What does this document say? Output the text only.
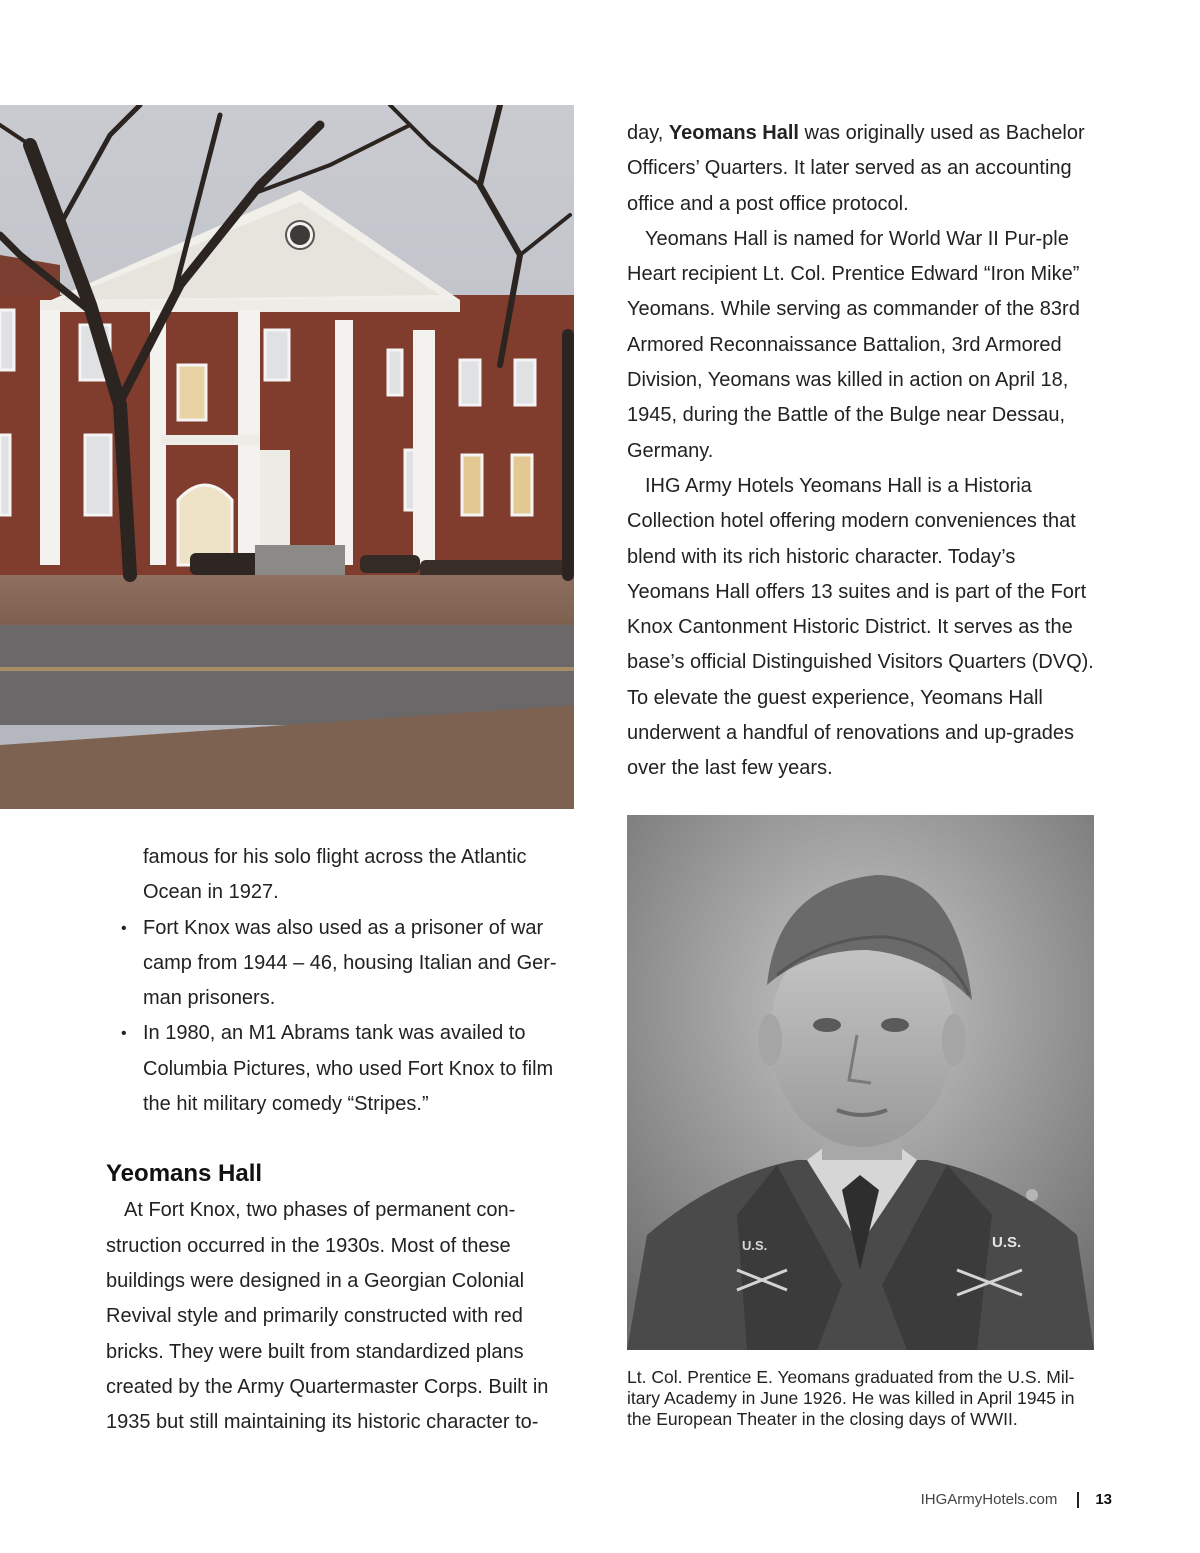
day, Yeomans Hall was originally used as Bachelor Officers’ Quarters. It later served as an accounting office and a post office protocol.

Yeomans Hall is named for World War II Pur-ple Heart recipient Lt. Col. Prentice Edward “Iron Mike” Yeomans. While serving as commander of the 83rd Armored Reconnaissance Battalion, 3rd Armored Division, Yeomans was killed in action on April 18, 1945, during the Battle of the Bulge near Dessau, Germany.

IHG Army Hotels Yeomans Hall is a Historia Collection hotel offering modern conveniences that blend with its rich historic character. Today’s Yeomans Hall offers 13 suites and is part of the Fort Knox Cantonment Historic District. It serves as the base’s official Distinguished Visitors Quarters (DVQ). To elevate the guest experience, Yeomans Hall underwent a handful of renovations and up-grades over the last few years.

famous for his solo flight across the Atlantic Ocean in 1927.
• Fort Knox was also used as a prisoner of war camp from 1944 – 46, housing Italian and Ger-man prisoners.
• In 1980, an M1 Abrams tank was availed to Columbia Pictures, who used Fort Knox to film the hit military comedy “Stripes.”
Yeomans Hall

At Fort Knox, two phases of permanent con-struction occurred in the 1930s. Most of these buildings were designed in a Georgian Colonial Revival style and primarily constructed with red bricks. They were built from standardized plans created by the Army Quartermaster Corps. Built in 1935 but still maintaining its historic character to-

U.S.	U.S.
Lt. Col. Prentice E. Yeomans graduated from the U.S. Mil-itary Academy in June 1926. He was killed in April 1945 in the European Theater in the closing days of WWII.
IHGArmyHotels.com	13
